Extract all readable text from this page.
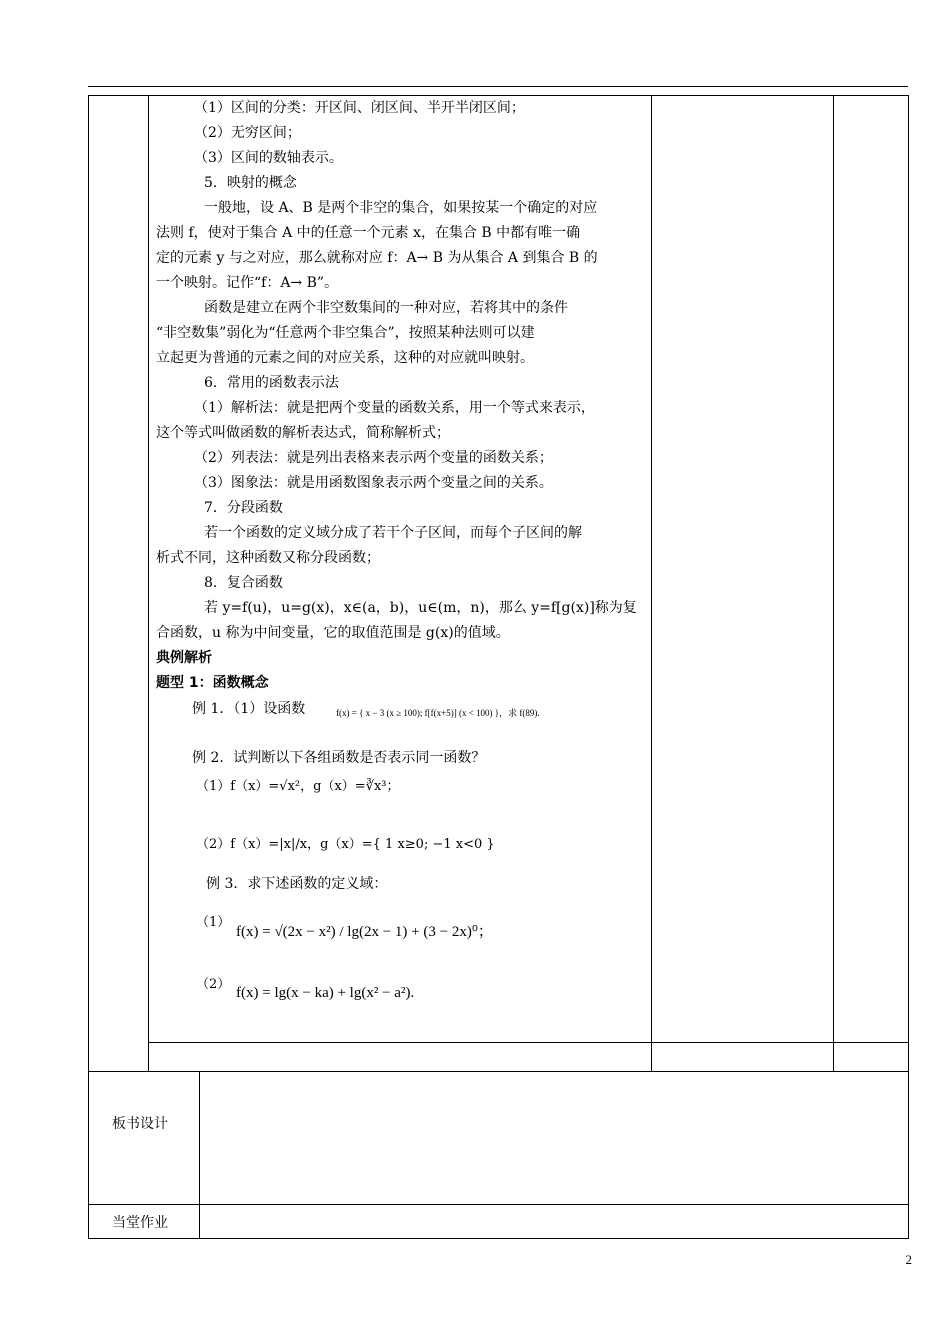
（1）区间的分类：开区间、闭区间、半开半闭区间；

（2）无穷区间；

（3）区间的数轴表示。

5．映射的概念

一般地，设 A、B 是两个非空的集合，如果按某一个确定的对应

法则 f，使对于集合 A 中的任意一个元素 x，在集合 B 中都有唯一确

定的元素 y 与之对应，那么就称对应 f：A→ B 为从集合 A 到集合 B 的

一个映射。记作“f：A→ B”。

函数是建立在两个非空数集间的一种对应，若将其中的条件

“非空数集”弱化为“任意两个非空集合”，按照某种法则可以建

立起更为普通的元素之间的对应关系，这种的对应就叫映射。

6．常用的函数表示法

（1）解析法：就是把两个变量的函数关系，用一个等式来表示，

这个等式叫做函数的解析表达式，简称解析式；

（2）列表法：就是列出表格来表示两个变量的函数关系；

（3）图象法：就是用函数图象表示两个变量之间的关系。

7．分段函数

若一个函数的定义域分成了若干个子区间，而每个子区间的解

析式不同，这种函数又称分段函数；

8．复合函数

若 y=f(u)，u=g(x)，x∈(a，b)，u∈(m，n)，那么 y=f[g(x)]称为复

合函数，u 称为中间变量，它的取值范围是 g(x)的值域。

典例解析

题型 1：函数概念

例 1．（1）设函数	f(x) = { x − 3 (x ≥ 100); f[f(x+5)] (x < 100) }，求 f(89).
例 2．试判断以下各组函数是否表示同一函数？
（1）f（x）=√x²，g（x）=∛x³；
（2）f（x）=|x|/x，g（x）={ 1 x≥0; −1 x<0 }
例 3．求下述函数的定义域：
（1）
f(x) = √(2x − x²) / lg(2x − 1) + (3 − 2x)⁰；
（2）
f(x) = lg(x − ka) + lg(x² − a²).
板书设计
当堂作业
2
